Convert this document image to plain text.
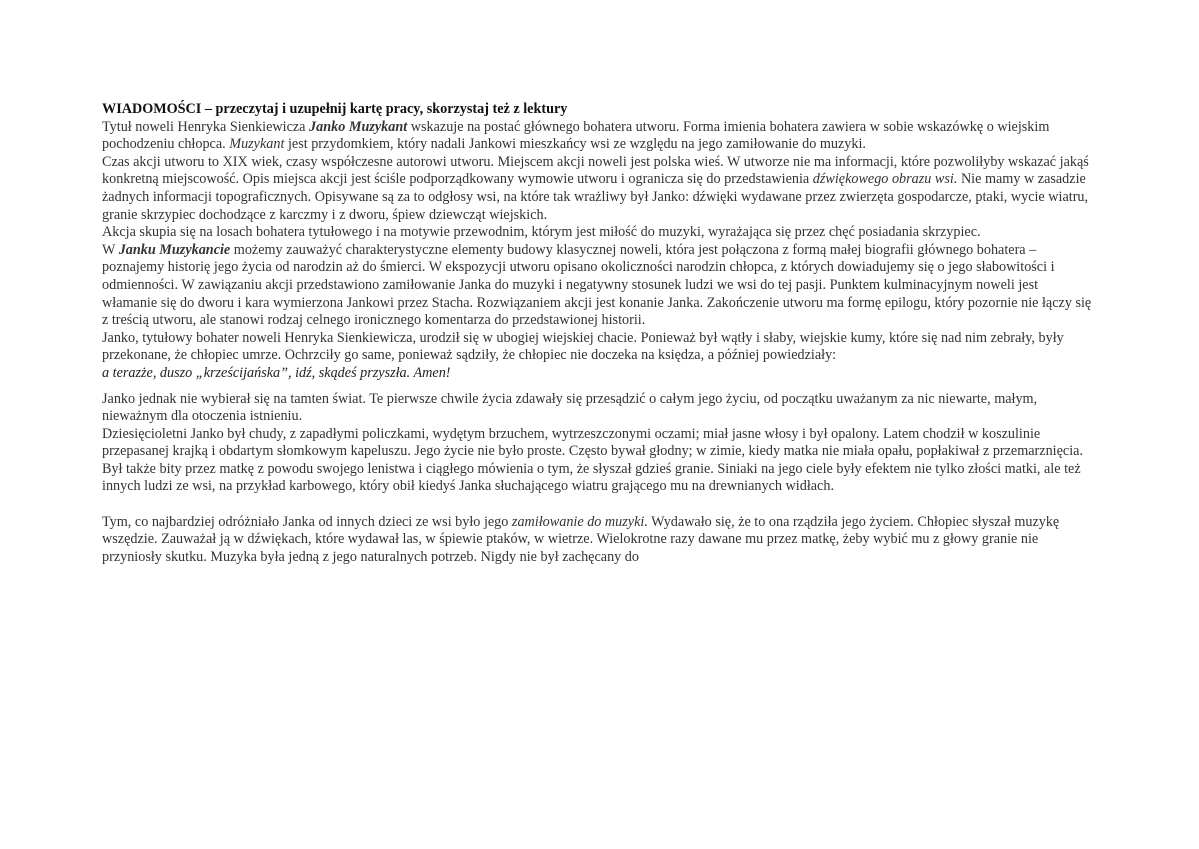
WIADOMOŚCI – przeczytaj i uzupełnij kartę pracy, skorzystaj też z lektury

Tytuł noweli Henryka Sienkiewicza Janko Muzykant wskazuje na postać głównego bohatera utworu. Forma imienia bohatera zawiera w sobie wskazówkę o wiejskim pochodzeniu chłopca. Muzykant jest przydomkiem, który nadali Jankowi mieszkańcy wsi ze względu na jego zamiłowanie do muzyki.

Czas akcji utworu to XIX wiek, czasy współczesne autorowi utworu. Miejscem akcji noweli jest polska wieś. W utworze nie ma informacji, które pozwoliłyby wskazać jakąś konkretną miejscowość. Opis miejsca akcji jest ściśle podporządkowany wymowie utworu i ogranicza się do przedstawienia dźwiękowego obrazu wsi. Nie mamy w zasadzie żadnych informacji topograficznych. Opisywane są za to odgłosy wsi, na które tak wrażliwy był Janko: dźwięki wydawane przez zwierzęta gospodarcze, ptaki, wycie wiatru, granie skrzypiec dochodzące z karczmy i z dworu, śpiew dziewcząt wiejskich.

Akcja skupia się na losach bohatera tytułowego i na motywie przewodnim, którym jest miłość do muzyki, wyrażająca się przez chęć posiadania skrzypiec.

W Janku Muzykancie możemy zauważyć charakterystyczne elementy budowy klasycznej noweli, która jest połączona z formą małej biografii głównego bohatera – poznajemy historię jego życia od narodzin aż do śmierci. W ekspozycji utworu opisano okoliczności narodzin chłopca, z których dowiadujemy się o jego słabowitości i odmienności. W zawiązaniu akcji przedstawiono zamiłowanie Janka do muzyki i negatywny stosunek ludzi we wsi do tej pasji. Punktem kulminacyjnym noweli jest włamanie się do dworu i kara wymierzona Jankowi przez Stacha. Rozwiązaniem akcji jest konanie Janka. Zakończenie utworu ma formę epilogu, który pozornie nie łączy się z treścią utworu, ale stanowi rodzaj celnego ironicznego komentarza do przedstawionej historii.

Janko, tytułowy bohater noweli Henryka Sienkiewicza, urodził się w ubogiej wiejskiej chacie. Ponieważ był wątły i słaby, wiejskie kumy, które się nad nim zebrały, były przekonane, że chłopiec umrze. Ochrzciły go same, ponieważ sądziły, że chłopiec nie doczeka na księdza, a później powiedziały:

a terazże, duszo „krześcijańska”, idź, skądeś przyszła. Amen!

Janko jednak nie wybierał się na tamten świat. Te pierwsze chwile życia zdawały się przesądzić o całym jego życiu, od początku uważanym za nic niewarte, małym, nieważnym dla otoczenia istnieniu.

Dziesięcioletni Janko był chudy, z zapadłymi policzkami, wydętym brzuchem, wytrzeszczonymi oczami; miał jasne włosy i był opalony. Latem chodził w koszulinie przepasanej krajką i obdartym słomkowym kapeluszu. Jego życie nie było proste. Często bywał głodny; w zimie, kiedy matka nie miała opału, popłakiwał z przemarznięcia. Był także bity przez matkę z powodu swojego lenistwa i ciągłego mówienia o tym, że słyszał gdzieś granie. Siniaki na jego ciele były efektem nie tylko złości matki, ale też innych ludzi ze wsi, na przykład karbowego, który obił kiedyś Janka słuchającego wiatru grającego mu na drewnianych widłach.

Tym, co najbardziej odróżniało Janka od innych dzieci ze wsi było jego zamiłowanie do muzyki. Wydawało się, że to ona rządziła jego życiem. Chłopiec słyszał muzykę wszędzie. Zauważał ją w dźwiękach, które wydawał las, w śpiewie ptaków, w wietrze. Wielokrotne razy dawane mu przez matkę, żeby wybić mu z głowy granie nie przyniosły skutku. Muzyka była jedną z jego naturalnych potrzeb. Nigdy nie był zachęcany do
